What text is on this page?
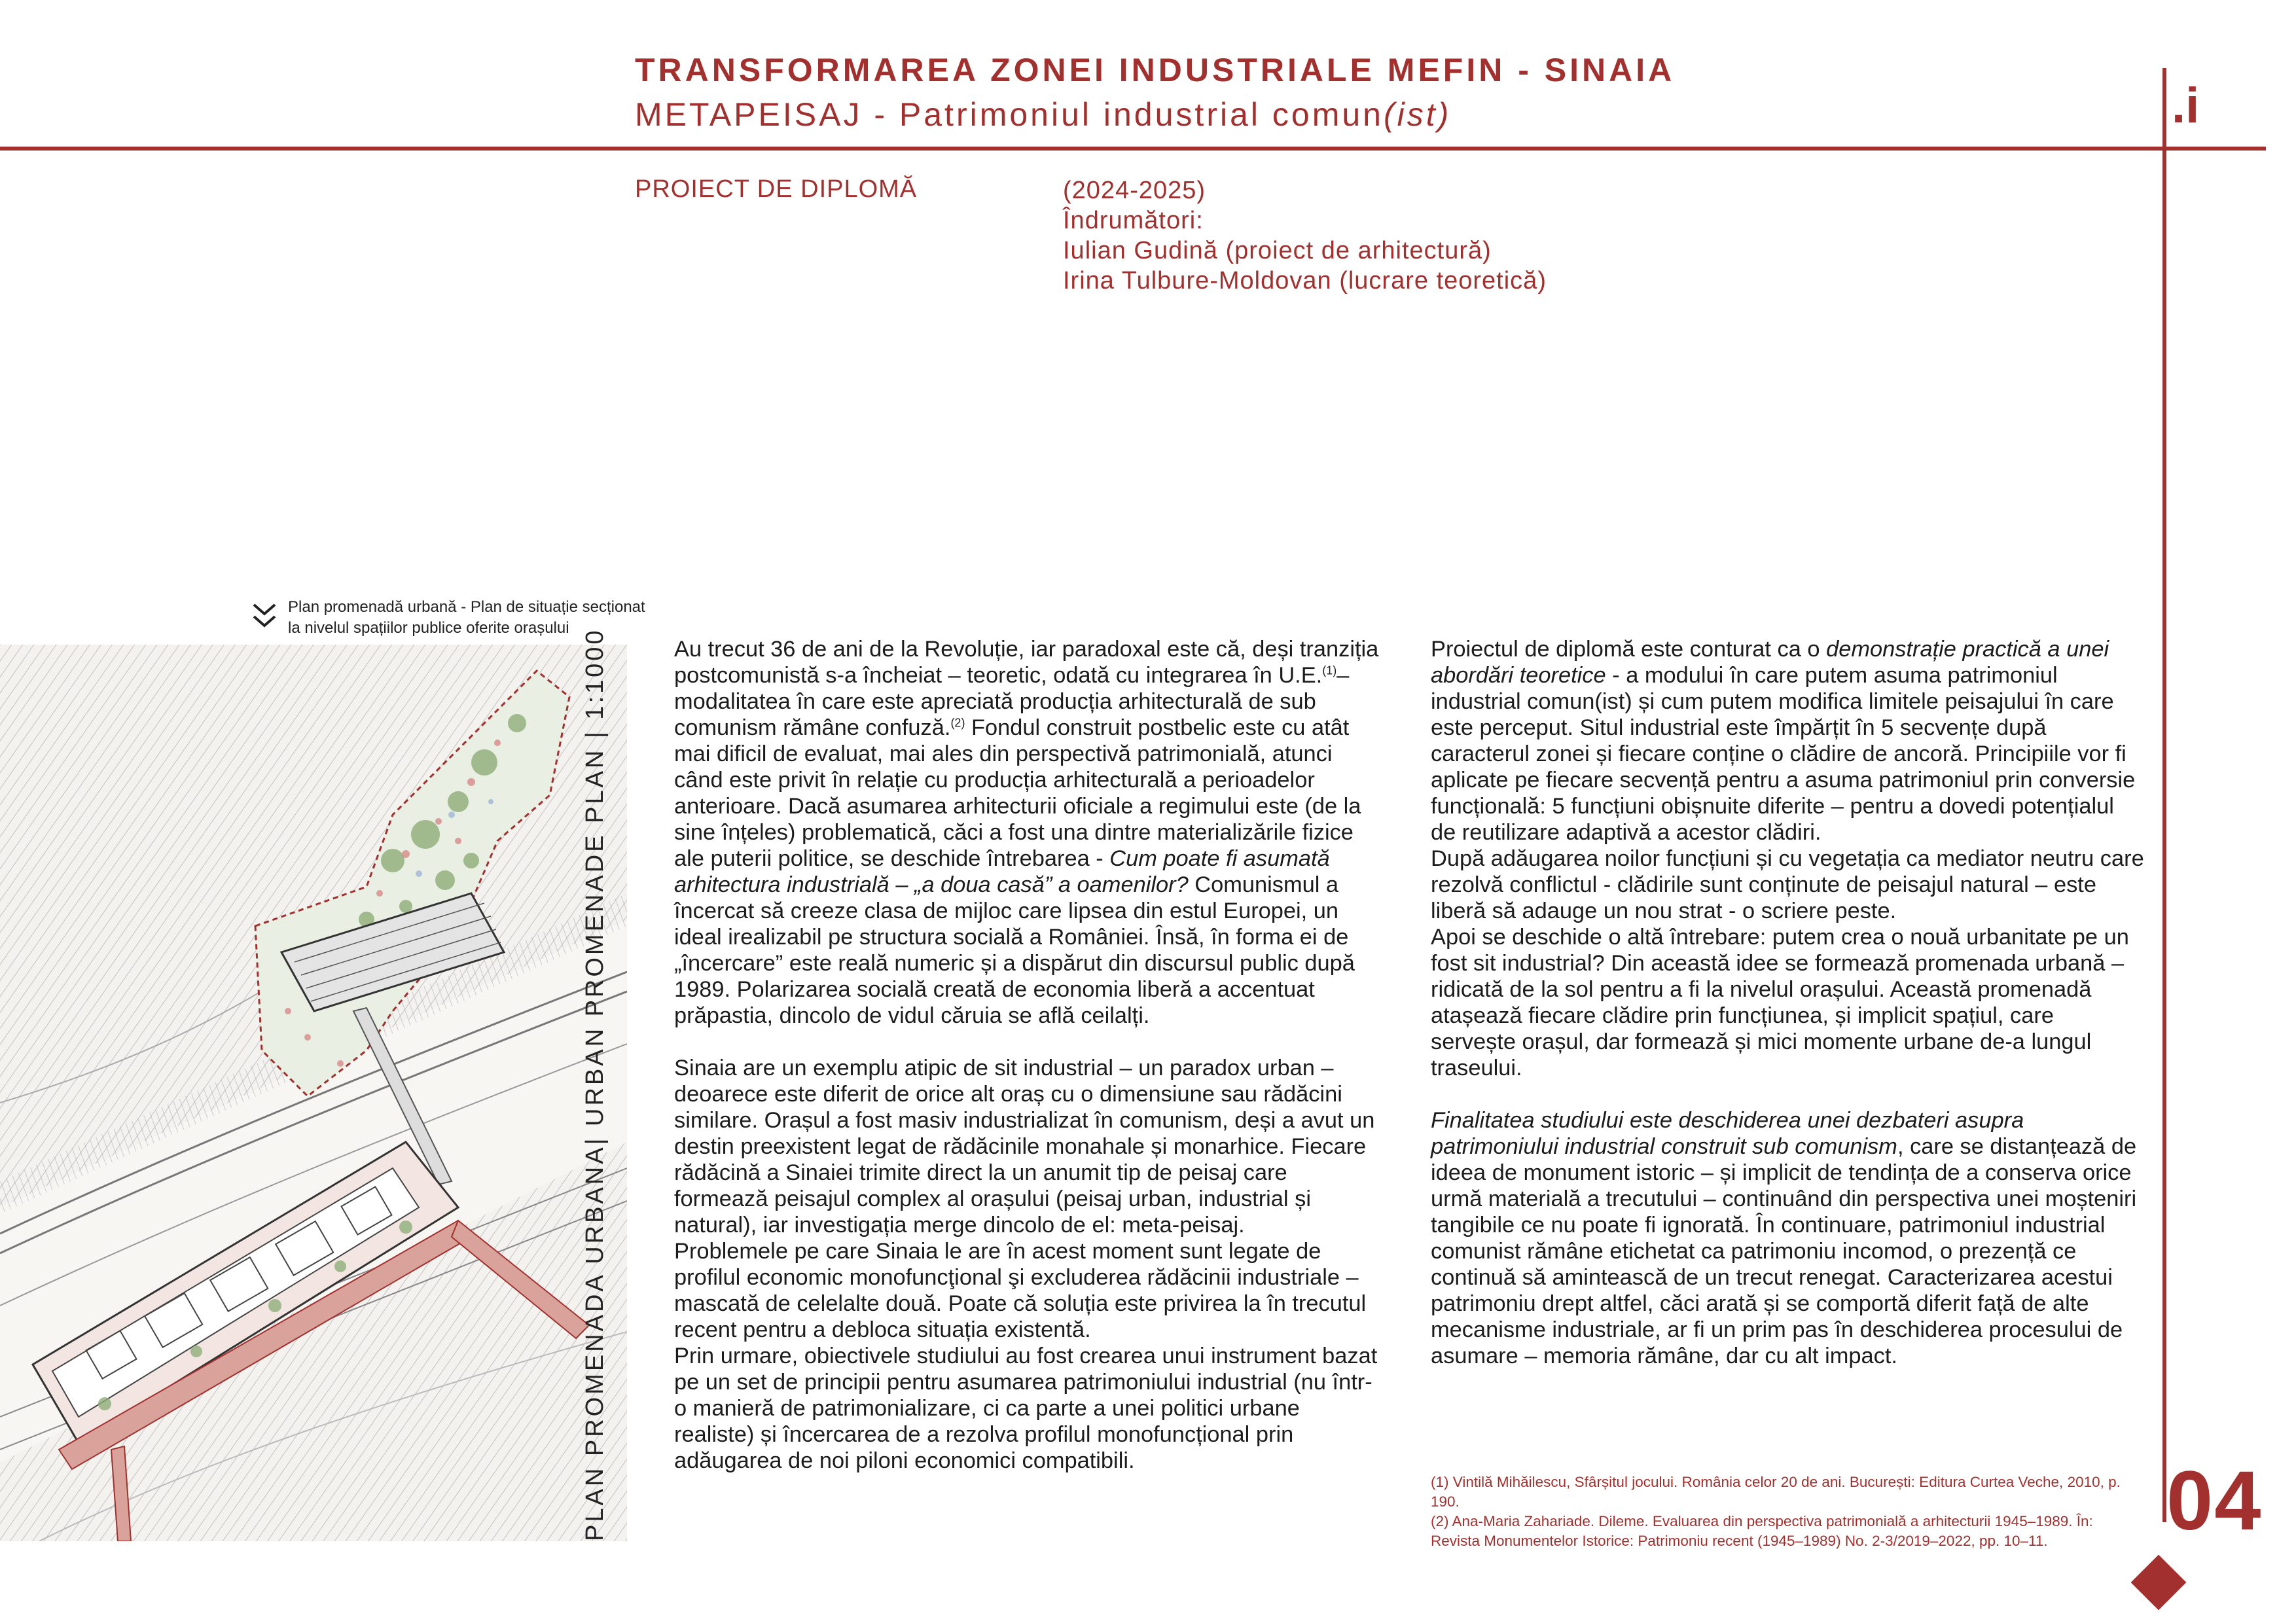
TRANSFORMAREA ZONEI INDUSTRIALE MEFIN - SINAIA
METAPEISAJ - Patrimoniul industrial comun(ist)	.i
PROIECT DE DIPLOMĂ	(2024-2025)
Îndrumători:
Iulian Gudină (proiect de arhitectură)
Irina Tulbure-Moldovan (lucrare teoretică)
Plan promenadă urbană - Plan de situație secționat
la nivelul spațiilor publice oferite orașului PLAN PROMENADA URBANA| URBAN PROMENADE PLAN | 1:1000	Au trecut 36 de ani de la Revoluție, iar paradoxal este că, deși tranziția postcomunistă s-a încheiat – teoretic, odată cu integrarea în U.E.$^{(1)}$– modalitatea în care este apreciată producția arhitecturală de sub comunism rămâne confuză.$^{(2)}$ Fondul construit postbelic este cu atât mai dificil de evaluat, mai ales din perspectivă patrimonială, atunci când este privit în relație cu producția arhitecturală a perioadelor anterioare. Dacă asumarea arhitecturii oficiale a regimului este (de la sine înțeles) problematică, căci a fost una dintre materializările fizice ale puterii politice, se deschide întrebarea - Cum poate fi asumată arhitectura industrială – „a doua casă” a oamenilor? Comunismul a încercat să creeze clasa de mijloc care lipsea din estul Europei, un ideal irealizabil pe structura socială a României. Însă, în forma ei de „încercare” este reală numeric și a dispărut din discursul public după 1989. Polarizarea socială creată de economia liberă a accentuat prăpastia, dincolo de vidul căruia se află ceilalți.

Sinaia are un exemplu atipic de sit industrial – un paradox urban – deoarece este diferit de orice alt oraș cu o dimensiune sau rădăcini similare. Orașul a fost masiv industrializat în comunism, deși a avut un destin preexistent legat de rădăcinile monahale și monarhice. Fiecare rădăcină a Sinaiei trimite direct la un anumit tip de peisaj care formează peisajul complex al orașului (peisaj urban, industrial și natural), iar investigația merge dincolo de el: meta-peisaj.

Problemele pe care Sinaia le are în acest moment sunt legate de profilul economic monofuncţional şi excluderea rădăcinii industriale – mascată de celelalte două. Poate că soluția este privirea la în trecutul recent pentru a debloca situația existentă.

Prin urmare, obiectivele studiului au fost crearea unui instrument bazat pe un set de principii pentru asumarea patrimoniului industrial (nu într-o manieră de patrimonializare, ci ca parte a unei politici urbane realiste) și încercarea de a rezolva profilul monofuncțional prin adăugarea de noi piloni economici compatibili.

Proiectul de diplomă este conturat ca o demonstrație practică a unei abordări teoretice - a modului în care putem asuma patrimoniul industrial comun(ist) și cum putem modifica limitele peisajului în care este perceput. Situl industrial este împărțit în 5 secvențe după caracterul zonei și fiecare conține o clădire de ancoră. Principiile vor fi aplicate pe fiecare secvență pentru a asuma patrimoniul prin conversie funcțională: 5 funcțiuni obișnuite diferite – pentru a dovedi potențialul de reutilizare adaptivă a acestor clădiri.

După adăugarea noilor funcțiuni și cu vegetația ca mediator neutru care rezolvă conflictul - clădirile sunt conținute de peisajul natural – este liberă să adauge un nou strat - o scriere peste.

Apoi se deschide o altă întrebare: putem crea o nouă urbanitate pe un fost sit industrial? Din această idee se formează promenada urbană – ridicată de la sol pentru a fi la nivelul orașului. Această promenadă atașează fiecare clădire prin funcțiunea, și implicit spațiul, care servește orașul, dar formează și mici momente urbane de-a lungul traseului.

Finalitatea studiului este deschiderea unei dezbateri asupra patrimoniului industrial construit sub comunism, care se distanțează de ideea de monument istoric – și implicit de tendința de a conserva orice urmă materială a trecutului – continuând din perspectiva unei moșteniri tangibile ce nu poate fi ignorată. În continuare, patrimoniul industrial comunist rămâne etichetat ca patrimoniu incomod, o prezență ce continuă să amintească de un trecut renegat. Caracterizarea acestui patrimoniu drept altfel, căci arată și se comportă diferit față de alte mecanisme industriale, ar fi un prim pas în deschiderea procesului de asumare – memoria rămâne, dar cu alt impact.

(1) Vintilă Mihăilescu, Sfârșitul jocului. România celor 20 de ani. București: Editura Curtea Veche, 2010, p. 190.
(2) Ana-Maria Zahariade. Dileme. Evaluarea din perspectiva patrimonială a arhitecturii 1945–1989. În:
Revista Monumentelor Istorice: Patrimoniu recent (1945–1989) No. 2-3/2019–2022, pp. 10–11.	04
